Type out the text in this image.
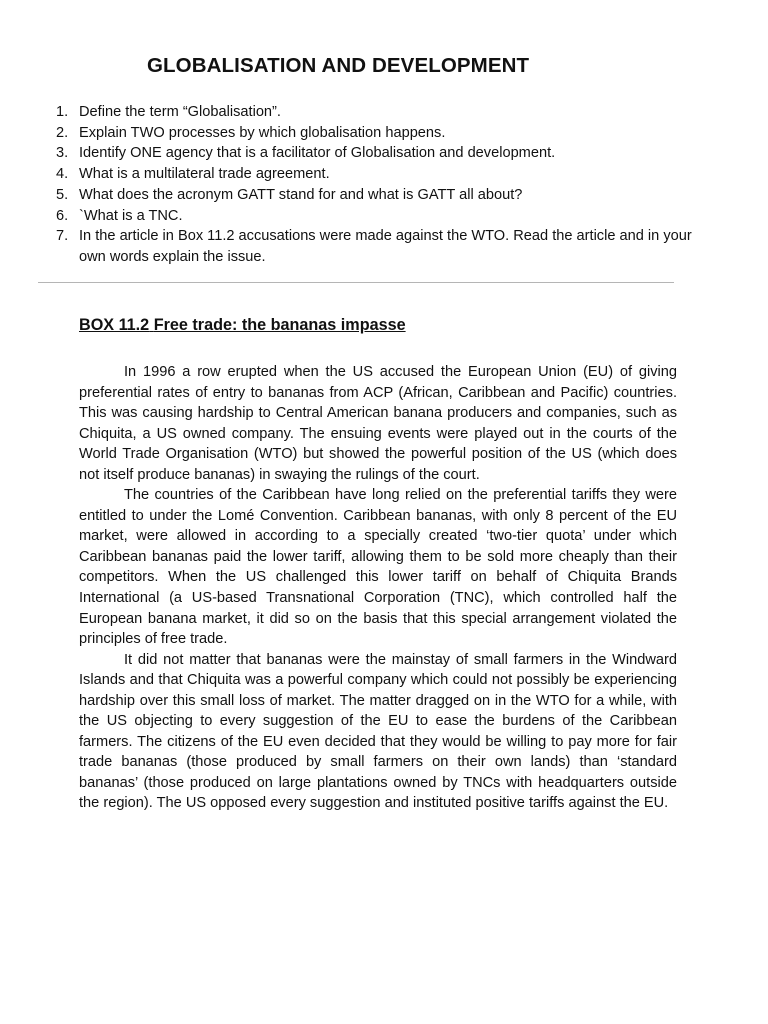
GLOBALISATION AND DEVELOPMENT
1. Define the term “Globalisation”.
2. Explain TWO processes by which globalisation happens.
3. Identify ONE agency that is a facilitator of Globalisation and development.
4. What is a multilateral trade agreement.
5. What does the acronym GATT stand for and what is GATT all about?
6. `What is a TNC.
7. In the article in Box 11.2 accusations were made against the WTO. Read the article and in your own words explain the issue.
BOX 11.2 Free trade: the bananas impasse

In 1996 a row erupted when the US accused the European Union (EU) of giving preferential rates of entry to bananas from ACP (African, Caribbean and Pacific) countries. This was causing hardship to Central American banana producers and companies, such as Chiquita, a US owned company. The ensuing events were played out in the courts of the World Trade Organisation (WTO) but showed the powerful position of the US (which does not itself produce bananas) in swaying the rulings of the court.

The countries of the Caribbean have long relied on the preferential tariffs they were entitled to under the Lomé Convention. Caribbean bananas, with only 8 percent of the EU market, were allowed in according to a specially created ‘two-tier quota’ under which Caribbean bananas paid the lower tariff, allowing them to be sold more cheaply than their competitors. When the US challenged this lower tariff on behalf of Chiquita Brands International (a US-based Transnational Corporation (TNC), which controlled half the European banana market, it did so on the basis that this special arrangement violated the principles of free trade.

It did not matter that bananas were the mainstay of small farmers in the Windward Islands and that Chiquita was a powerful company which could not possibly be experiencing hardship over this small loss of market. The matter dragged on in the WTO for a while, with the US objecting to every suggestion of the EU to ease the burdens of the Caribbean farmers. The citizens of the EU even decided that they would be willing to pay more for fair trade bananas (those produced by small farmers on their own lands) than ‘standard bananas’ (those produced on large plantations owned by TNCs with headquarters outside the region). The US opposed every suggestion and instituted positive tariffs against the EU.
